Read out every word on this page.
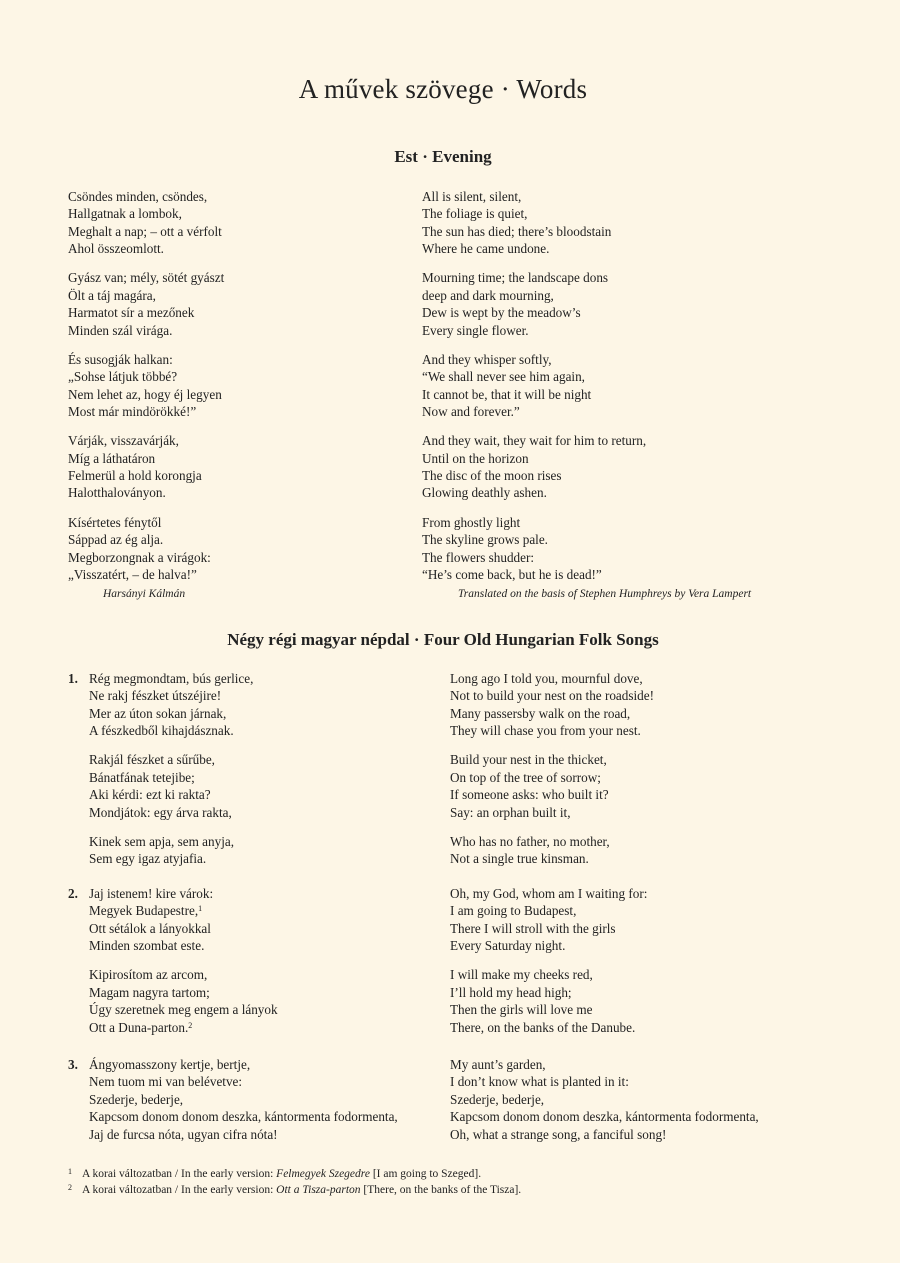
A művek szövege · Words
Est · Evening
Csöndes minden, csöndes,
Hallgatnak a lombok,
Meghalt a nap; – ott a vérfolt
Ahol összeomlott.
Gyász van; mély, sötét gyászt
Ölt a táj magára,
Harmatot sír a mezőnek
Minden szál virága.
És susogják halkan:
„Sohse látjuk többé?
Nem lehet az, hogy éj legyen
Most már mindörökké!”
Várják, visszavárják,
Míg a láthatáron
Felmerül a hold korongja
Halotthaloványon.
Kísértetes fénytől
Sáppad az ég alja.
Megborzongnak a virágok:
„Visszatért, – de halva!”
All is silent, silent,
The foliage is quiet,
The sun has died; there’s bloodstain
Where he came undone.
Mourning time; the landscape dons
deep and dark mourning,
Dew is wept by the meadow’s
Every single flower.
And they whisper softly,
“We shall never see him again,
It cannot be, that it will be night
Now and forever.”
And they wait, they wait for him to return,
Until on the horizon
The disc of the moon rises
Glowing deathly ashen.
From ghostly light
The skyline grows pale.
The flowers shudder:
“He’s come back, but he is dead!”
Harsányi Kálmán	Translated on the basis of Stephen Humphreys by Vera Lampert
Négy régi magyar népdal · Four Old Hungarian Folk Songs
1. Rég megmondtam, bús gerlice,
Ne rakj fészket útszéjire!
Mer az úton sokan járnak,
A fészkedből kihajdásznak.
Rakjál fészket a sűrűbe,
Bánatfának tetejibe;
Aki kérdi: ezt ki rakta?
Mondjátok: egy árva rakta,
Kinek sem apja, sem anyja,
Sem egy igaz atyjafia.
Long ago I told you, mournful dove,
Not to build your nest on the roadside!
Many passersby walk on the road,
They will chase you from your nest.
Build your nest in the thicket,
On top of the tree of sorrow;
If someone asks: who built it?
Say: an orphan built it,
Who has no father, no mother,
Not a single true kinsman.
2. Jaj istenem! kire várok:
Megyek Budapestre,$^1$
Ott sétálok a lányokkal
Minden szombat este.
Kipirosítom az arcom,
Magam nagyra tartom;
Úgy szeretnek meg engem a lányok
Ott a Duna-parton.$^2$
Oh, my God, whom am I waiting for:
I am going to Budapest,
There I will stroll with the girls
Every Saturday night.
I will make my cheeks red,
I’ll hold my head high;
Then the girls will love me
There, on the banks of the Danube.
3. Ángyomasszony kertje, bertje,
Nem tuom mi van belévetve:
Szederje, bederje,
Kapcsom donom donom deszka, kántormenta fodormenta,
Jaj de furcsa nóta, ugyan cifra nóta!
My aunt’s garden,
I don’t know what is planted in it:
Szederje, bederje,
Kapcsom donom donom deszka, kántormenta fodormenta,
Oh, what a strange song, a fanciful song!
1 A korai változatban / In the early version: Felmegyek Szegedre [I am going to Szeged].
2 A korai változatban / In the early version: Ott a Tisza-parton [There, on the banks of the Tisza].
